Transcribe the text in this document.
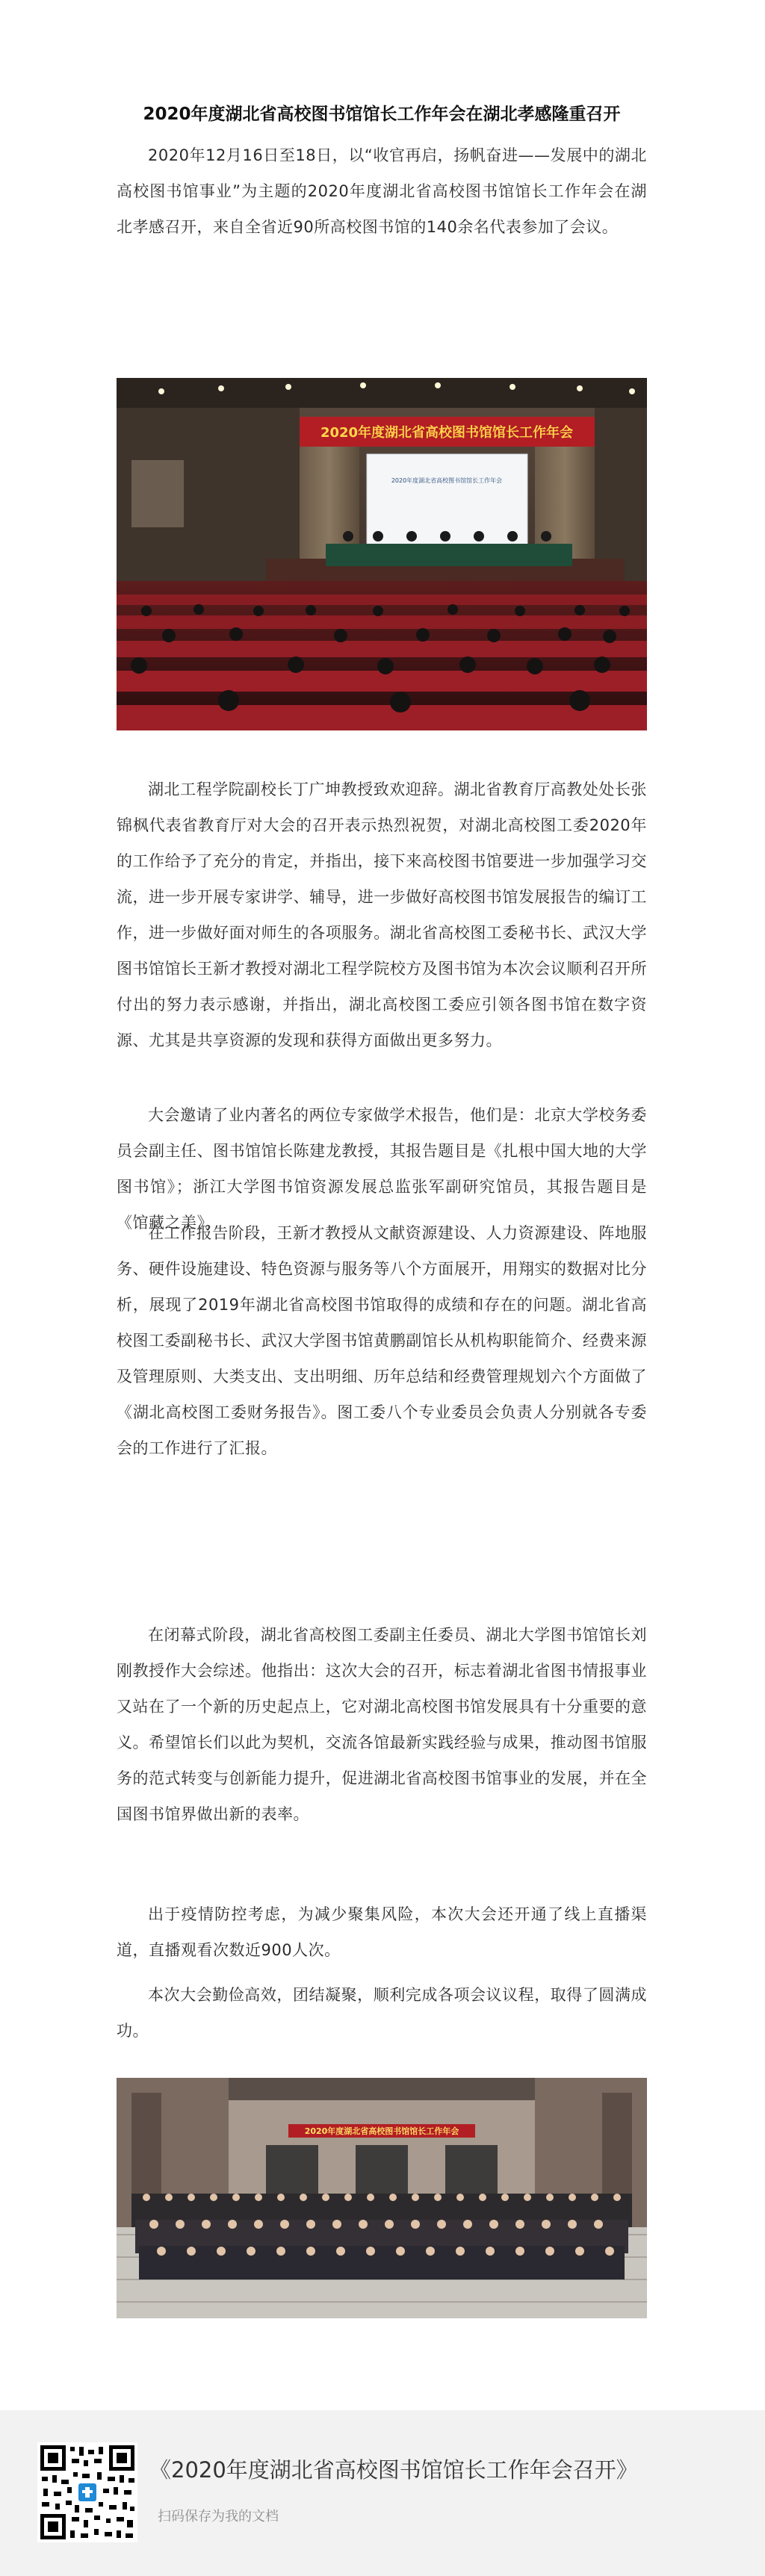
2020年度湖北省高校图书馆馆长工作年会在湖北孝感隆重召开

2020年12月16日至18日，以“收官再启，扬帆奋进——发展中的湖北高校图书馆事业”为主题的2020年度湖北省高校图书馆馆长工作年会在湖北孝感召开，来自全省近90所高校图书馆的140余名代表参加了会议。

2020年度湖北省高校图书馆馆长工作年会
2020年度湖北省高校图书馆馆长工作年会

湖北工程学院副校长丁广坤教授致欢迎辞。湖北省教育厅高教处处长张锦枫代表省教育厅对大会的召开表示热烈祝贺，对湖北高校图工委2020年的工作给予了充分的肯定，并指出，接下来高校图书馆要进一步加强学习交流，进一步开展专家讲学、辅导，进一步做好高校图书馆发展报告的编订工作，进一步做好面对师生的各项服务。湖北省高校图工委秘书长、武汉大学图书馆馆长王新才教授对湖北工程学院校方及图书馆为本次会议顺利召开所付出的努力表示感谢，并指出，湖北高校图工委应引领各图书馆在数字资源、尤其是共享资源的发现和获得方面做出更多努力。

大会邀请了业内著名的两位专家做学术报告，他们是：北京大学校务委员会副主任、图书馆馆长陈建龙教授，其报告题目是《扎根中国大地的大学图书馆》；浙江大学图书馆资源发展总监张军副研究馆员，其报告题目是《馆藏之美》。

在工作报告阶段，王新才教授从文献资源建设、人力资源建设、阵地服务、硬件设施建设、特色资源与服务等八个方面展开，用翔实的数据对比分析，展现了2019年湖北省高校图书馆取得的成绩和存在的问题。湖北省高校图工委副秘书长、武汉大学图书馆黄鹏副馆长从机构职能简介、经费来源及管理原则、大类支出、支出明细、历年总结和经费管理规划六个方面做了《湖北高校图工委财务报告》。图工委八个专业委员会负责人分别就各专委会的工作进行了汇报。

在闭幕式阶段，湖北省高校图工委副主任委员、湖北大学图书馆馆长刘刚教授作大会综述。他指出：这次大会的召开，标志着湖北省图书情报事业又站在了一个新的历史起点上，它对湖北高校图书馆发展具有十分重要的意义。希望馆长们以此为契机，交流各馆最新实践经验与成果，推动图书馆服务的范式转变与创新能力提升，促进湖北省高校图书馆事业的发展，并在全国图书馆界做出新的表率。

出于疫情防控考虑，为减少聚集风险，本次大会还开通了线上直播渠道，直播观看次数近900人次。

本次大会勤俭高效，团结凝聚，顺利完成各项会议议程，取得了圆满成功。

2020年度湖北省高校图书馆馆长工作年会

《2020年度湖北省高校图书馆馆长工作年会召开》

扫码保存为我的文档
